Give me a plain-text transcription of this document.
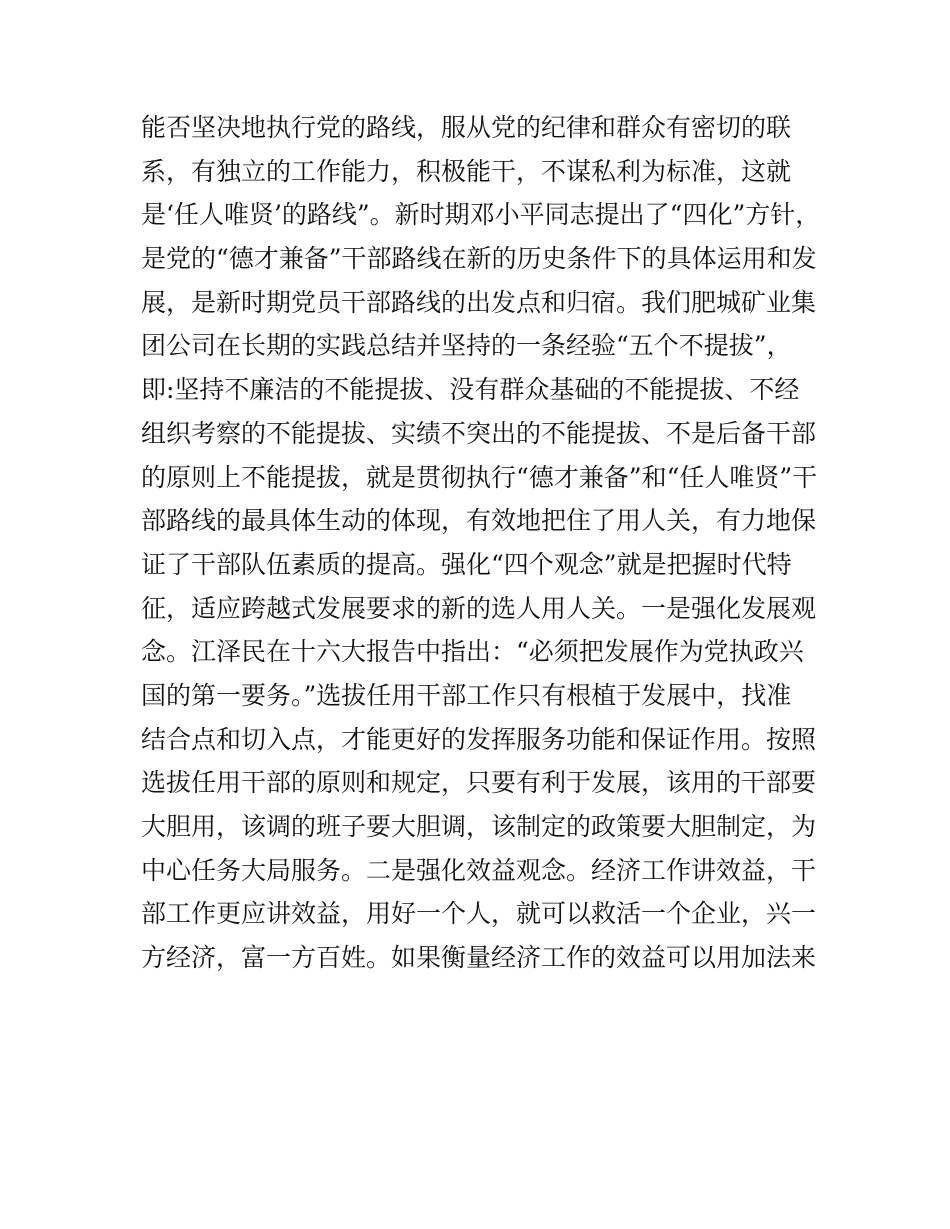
能否坚决地执行党的路线，服从党的纪律和群众有密切的联
系，有独立的工作能力，积极能干，不谋私利为标准，这就
是‘任人唯贤’的路线”。新时期邓小平同志提出了“四化”方针，
是党的“德才兼备”干部路线在新的历史条件下的具体运用和发
展，是新时期党员干部路线的出发点和归宿。我们肥城矿业集
团公司在长期的实践总结并坚持的一条经验“五个不提拔”，
即:坚持不廉洁的不能提拔、没有群众基础的不能提拔、不经
组织考察的不能提拔、实绩不突出的不能提拔、不是后备干部
的原则上不能提拔，就是贯彻执行“德才兼备”和“任人唯贤”干
部路线的最具体生动的体现，有效地把住了用人关，有力地保
证了干部队伍素质的提高。强化“四个观念”就是把握时代特
征，适应跨越式发展要求的新的选人用人关。一是强化发展观
念。江泽民在十六大报告中指出：“必须把发展作为党执政兴
国的第一要务。”选拔任用干部工作只有根植于发展中，找准
结合点和切入点，才能更好的发挥服务功能和保证作用。按照
选拔任用干部的原则和规定，只要有利于发展，该用的干部要
大胆用，该调的班子要大胆调，该制定的政策要大胆制定，为
中心任务大局服务。二是强化效益观念。经济工作讲效益，干
部工作更应讲效益，用好一个人，就可以救活一个企业，兴一
方经济，富一方百姓。如果衡量经济工作的效益可以用加法来
